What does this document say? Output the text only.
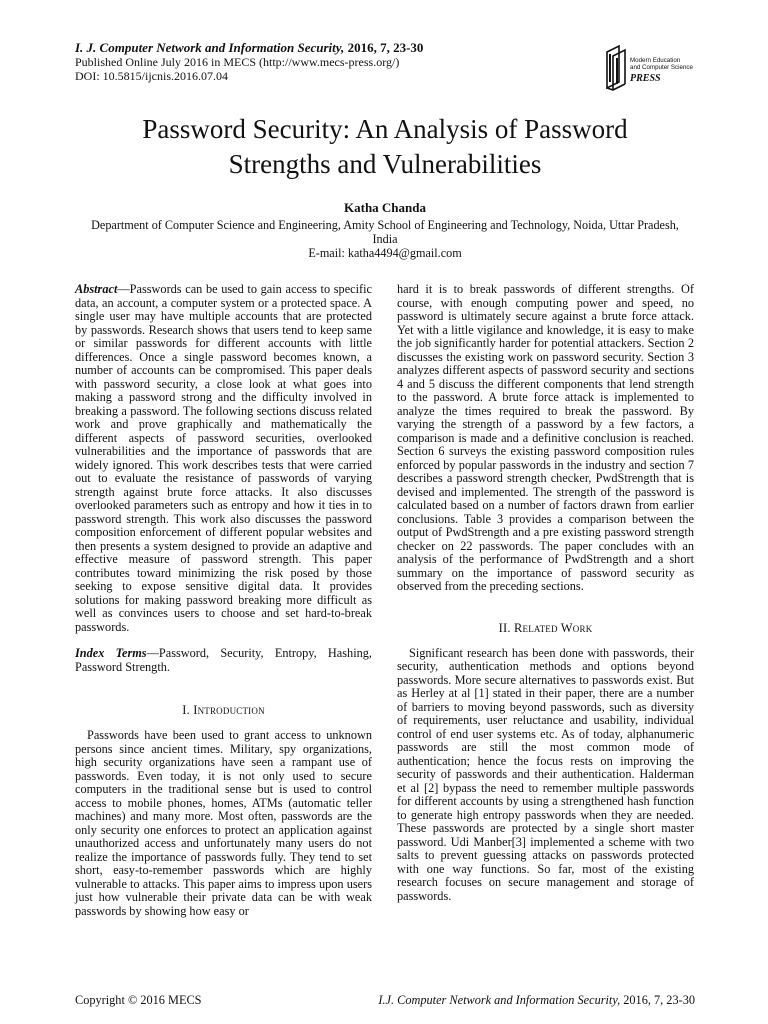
I. J. Computer Network and Information Security, 2016, 7, 23-30
Published Online July 2016 in MECS (http://www.mecs-press.org/)
DOI: 10.5815/ijcnis.2016.07.04
Modern Education
and Computer Science
PRESS
Password Security: An Analysis of Password
Strengths and Vulnerabilities
Katha Chanda
Department of Computer Science and Engineering, Amity School of Engineering and Technology, Noida, Uttar Pradesh, India
E-mail: katha4494@gmail.com

Abstract—Passwords can be used to gain access to specific data, an account, a computer system or a protected space. A single user may have multiple accounts that are protected by passwords. Research shows that users tend to keep same or similar passwords for different accounts with little differences. Once a single password becomes known, a number of accounts can be compromised. This paper deals with password security, a close look at what goes into making a password strong and the difficulty involved in breaking a password. The following sections discuss related work and prove graphically and mathematically the different aspects of password securities, overlooked vulnerabilities and the importance of passwords that are widely ignored. This work describes tests that were carried out to evaluate the resistance of passwords of varying strength against brute force attacks. It also discusses overlooked parameters such as entropy and how it ties in to password strength. This work also discusses the password composition enforcement of different popular websites and then presents a system designed to provide an adaptive and effective measure of password strength. This paper contributes toward minimizing the risk posed by those seeking to expose sensitive digital data. It provides solutions for making password breaking more difficult as well as convinces users to choose and set hard-to-break passwords.

Index Terms—Password, Security, Entropy, Hashing, Password Strength.

I. Introduction

Passwords have been used to grant access to unknown persons since ancient times. Military, spy organizations, high security organizations have seen a rampant use of passwords. Even today, it is not only used to secure computers in the traditional sense but is used to control access to mobile phones, homes, ATMs (automatic teller machines) and many more. Most often, passwords are the only security one enforces to protect an application against unauthorized access and unfortunately many users do not realize the importance of passwords fully. They tend to set short, easy-to-remember passwords which are highly vulnerable to attacks. This paper aims to impress upon users just how vulnerable their private data can be with weak passwords by showing how easy or

hard it is to break passwords of different strengths. Of course, with enough computing power and speed, no password is ultimately secure against a brute force attack. Yet with a little vigilance and knowledge, it is easy to make the job significantly harder for potential attackers. Section 2 discusses the existing work on password security. Section 3 analyzes different aspects of password security and sections 4 and 5 discuss the different components that lend strength to the password. A brute force attack is implemented to analyze the times required to break the password. By varying the strength of a password by a few factors, a comparison is made and a definitive conclusion is reached. Section 6 surveys the existing password composition rules enforced by popular passwords in the industry and section 7 describes a password strength checker, PwdStrength that is devised and implemented. The strength of the password is calculated based on a number of factors drawn from earlier conclusions. Table 3 provides a comparison between the output of PwdStrength and a pre existing password strength checker on 22 passwords. The paper concludes with an analysis of the performance of PwdStrength and a short summary on the importance of password security as observed from the preceding sections.

II. Related Work

Significant research has been done with passwords, their security, authentication methods and options beyond passwords. More secure alternatives to passwords exist. But as Herley at al [1] stated in their paper, there are a number of barriers to moving beyond passwords, such as diversity of requirements, user reluctance and usability, individual control of end user systems etc. As of today, alphanumeric passwords are still the most common mode of authentication; hence the focus rests on improving the security of passwords and their authentication. Halderman et al [2] bypass the need to remember multiple passwords for different accounts by using a strengthened hash function to generate high entropy passwords when they are needed. These passwords are protected by a single short master password. Udi Manber[3] implemented a scheme with two salts to prevent guessing attacks on passwords protected with one way functions. So far, most of the existing research focuses on secure management and storage of passwords.

Copyright © 2016 MECS	I.J. Computer Network and Information Security, 2016, 7, 23-30
